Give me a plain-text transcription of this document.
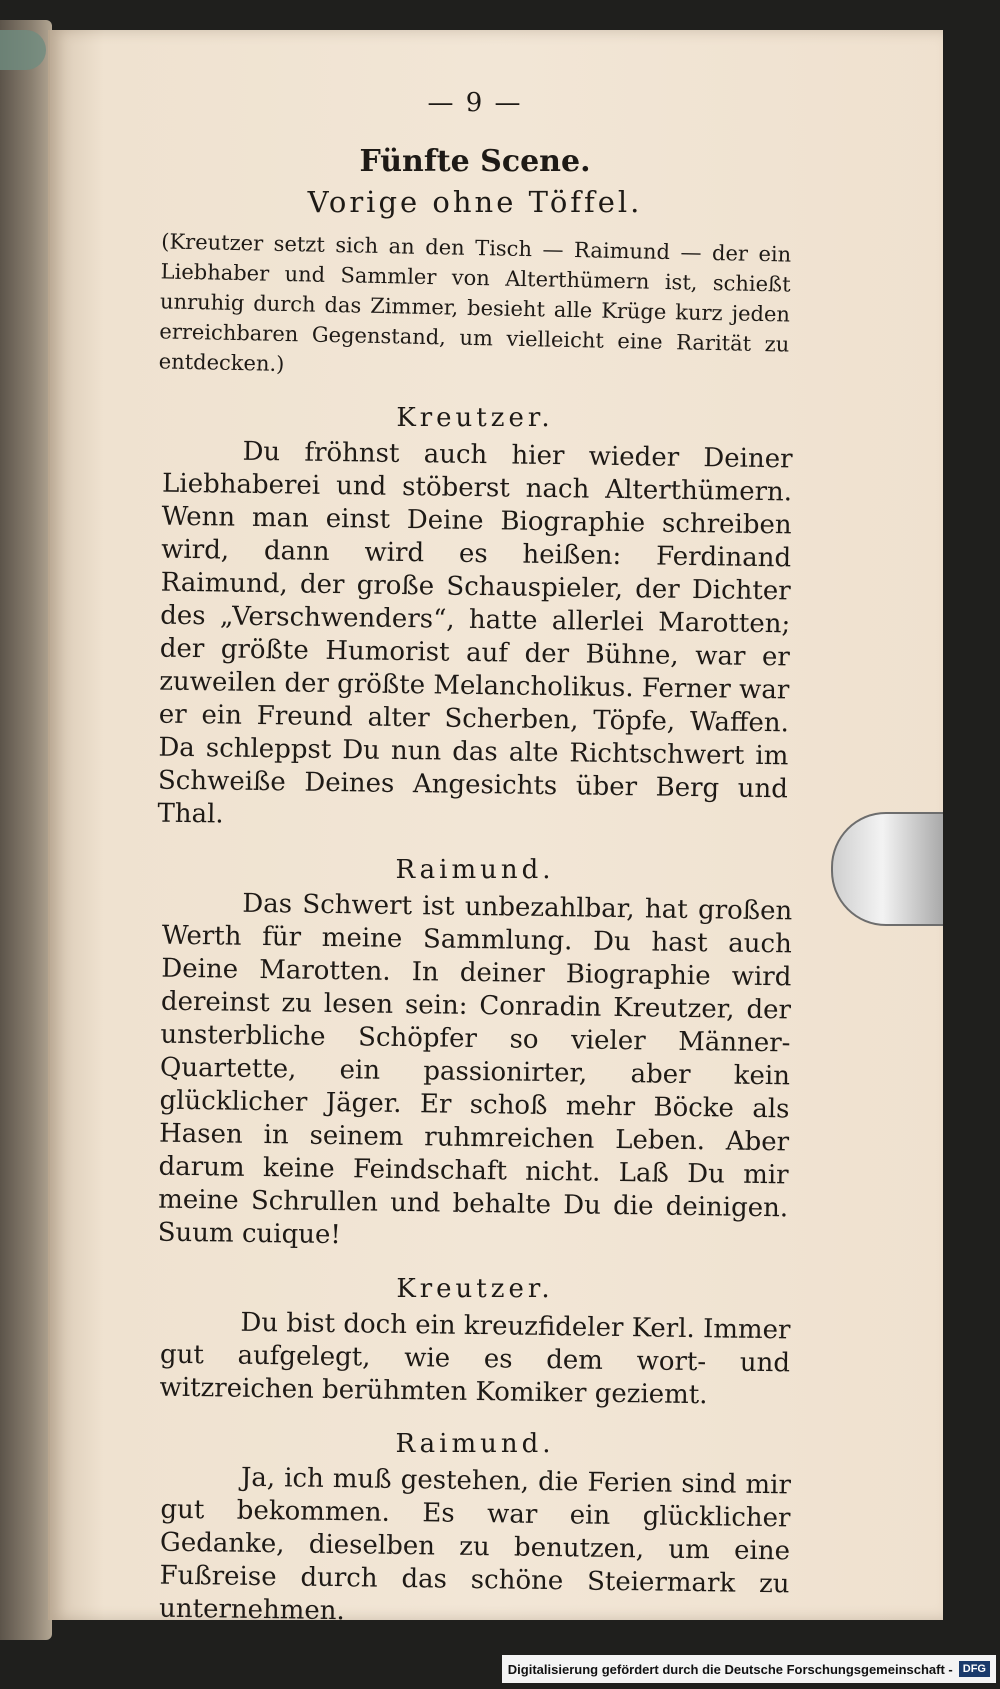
— 9 —
Fünfte Scene.
Vorige ohne Töffel.
(Kreutzer setzt sich an den Tisch — Raimund — der ein Liebhaber und Sammler von Alterthümern ist, schießt unruhig durch das Zimmer, besieht alle Krüge kurz jeden erreichbaren Gegenstand, um vielleicht eine Rarität zu entdecken.)
Kreutzer.
Du fröhnst auch hier wieder Deiner Liebhaberei und stöberst nach Alterthümern. Wenn man einst Deine Biographie schreiben wird, dann wird es heißen: Ferdinand Raimund, der große Schauspieler, der Dichter des „Verschwenders“, hatte allerlei Marotten; der größte Humorist auf der Bühne, war er zuweilen der größte Melancholikus. Ferner war er ein Freund alter Scherben, Töpfe, Waffen. Da schleppst Du nun das alte Richtschwert im Schweiße Deines Angesichts über Berg und Thal.
Raimund.
Das Schwert ist unbezahlbar, hat großen Werth für meine Sammlung. Du hast auch Deine Marotten. In deiner Biographie wird dereinst zu lesen sein: Conradin Kreutzer, der unsterbliche Schöpfer so vieler Männer-Quartette, ein passionirter, aber kein glücklicher Jäger. Er schoß mehr Böcke als Hasen in seinem ruhmreichen Leben. Aber darum keine Feindschaft nicht. Laß Du mir meine Schrullen und behalte Du die deinigen. Suum cuique!
Kreutzer.
Du bist doch ein kreuzfideler Kerl. Immer gut aufgelegt, wie es dem wort- und witzreichen berühmten Komiker geziemt.
Raimund.
Ja, ich muß gestehen, die Ferien sind mir gut bekommen. Es war ein glücklicher Gedanke, dieselben zu benutzen, um eine Fußreise durch das schöne Steiermark zu unternehmen.
Digitalisierung gefördert durch die Deutsche Forschungsgemeinschaft - DFG
